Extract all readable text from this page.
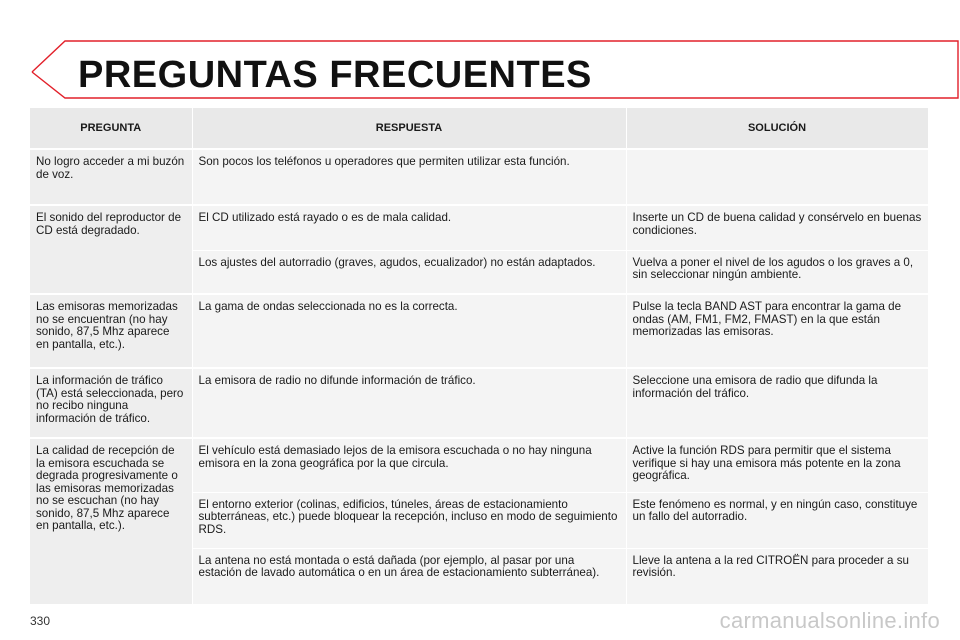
PREGUNTAS FRECUENTES
PREGUNTA	RESPUESTA	SOLUCIÓN
No logro acceder a mi buzón de voz.	Son pocos los teléfonos u operadores que permiten utilizar esta función.	
El sonido del reproductor de CD está degradado.	El CD utilizado está rayado o es de mala calidad.	Inserte un CD de buena calidad y consérvelo en buenas condiciones.
	Los ajustes del autorradio (graves, agudos, ecualizador) no están adaptados.	Vuelva a poner el nivel de los agudos o los graves a 0, sin seleccionar ningún ambiente.
Las emisoras memorizadas no se encuentran (no hay sonido, 87,5 Mhz aparece en pantalla, etc.).	La gama de ondas seleccionada no es la correcta.	Pulse la tecla BAND AST para encontrar la gama de ondas (AM, FM1, FM2, FMAST) en la que están memorizadas las emisoras.
La información de tráfico (TA) está seleccionada, pero no recibo ninguna información de tráfico.	La emisora de radio no difunde información de tráfico.	Seleccione una emisora de radio que difunda la información del tráfico.
La calidad de recepción de la emisora escuchada se degrada progresivamente o las emisoras memorizadas no se escuchan (no hay sonido, 87,5 Mhz aparece en pantalla, etc.).	El vehículo está demasiado lejos de la emisora escuchada o no hay ninguna emisora en la zona geográfica por la que circula.	Active la función RDS para permitir que el sistema verifique si hay una emisora más potente en la zona geográfica.
	El entorno exterior (colinas, edificios, túneles, áreas de estacionamiento subterráneas, etc.) puede bloquear la recepción, incluso en modo de seguimiento RDS.	Este fenómeno es normal, y en ningún caso, constituye un fallo del autorradio.
	La antena no está montada o está dañada (por ejemplo, al pasar por una estación de lavado automática o en un área de estacionamiento subterránea).	Lleve la antena a la red CITROËN para proceder a su revisión.
330	carmanualsonline.info
